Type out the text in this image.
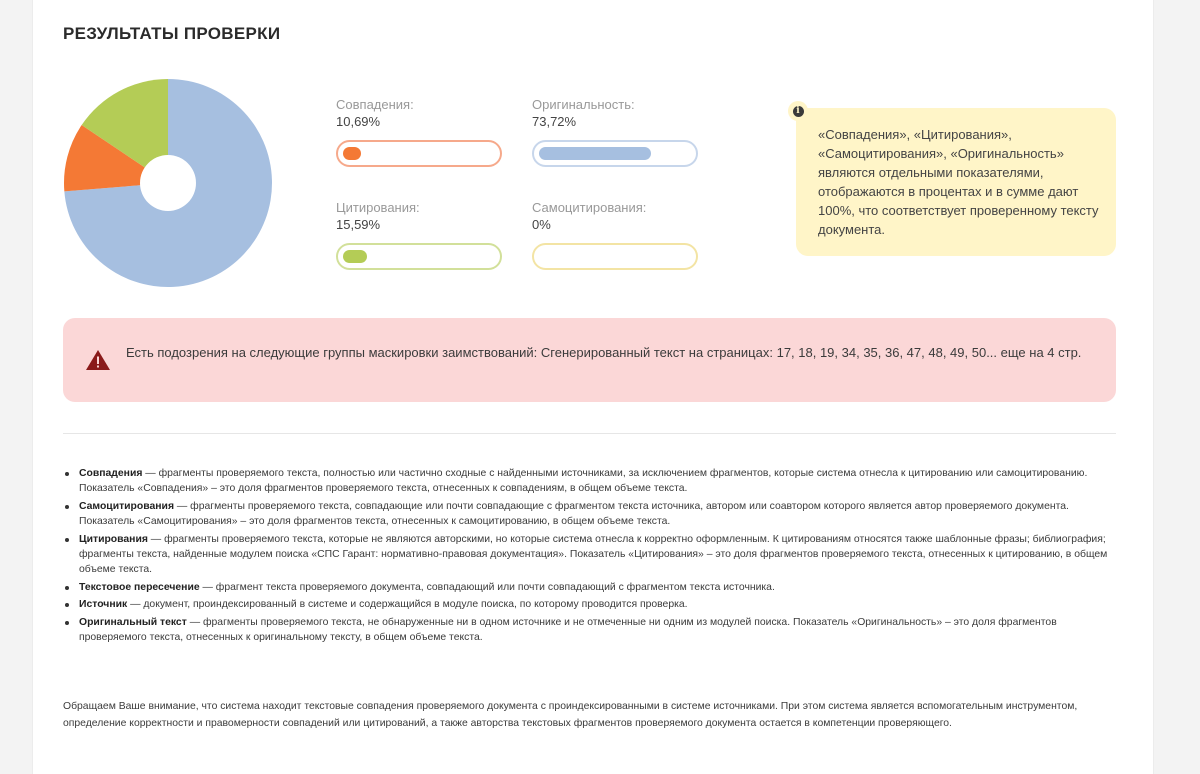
РЕЗУЛЬТАТЫ ПРОВЕРКИ
Совпадения:
10,69%
Оригинальность:
73,72%
Цитирования:
15,59%
Самоцитирования:
0%
i
«Совпадения», «Цитирования», «Самоцитирования», «Оригинальность» являются отдельными показателями, отображаются в процентах и в сумме дают 100%, что соответствует проверенному тексту документа.
Есть подозрения на следующие группы маскировки заимствований: Сгенерированный текст на страницах: 17, 18, 19, 34, 35, 36, 47, 48, 49, 50... еще на 4 стр.
Совпадения — фрагменты проверяемого текста, полностью или частично сходные с найденными источниками, за исключением фрагментов, которые система отнесла к цитированию или самоцитированию. Показатель «Совпадения» – это доля фрагментов проверяемого текста, отнесенных к совпадениям, в общем объеме текста.
Самоцитирования — фрагменты проверяемого текста, совпадающие или почти совпадающие с фрагментом текста источника, автором или соавтором которого является автор проверяемого документа. Показатель «Самоцитирования» – это доля фрагментов текста, отнесенных к самоцитированию, в общем объеме текста.
Цитирования — фрагменты проверяемого текста, которые не являются авторскими, но которые система отнесла к корректно оформленным. К цитированиям относятся также шаблонные фразы; библиография; фрагменты текста, найденные модулем поиска «СПС Гарант: нормативно-правовая документация». Показатель «Цитирования» – это доля фрагментов проверяемого текста, отнесенных к цитированию, в общем объеме текста.
Текстовое пересечение — фрагмент текста проверяемого документа, совпадающий или почти совпадающий с фрагментом текста источника.
Источник — документ, проиндексированный в системе и содержащийся в модуле поиска, по которому проводится проверка.
Оригинальный текст — фрагменты проверяемого текста, не обнаруженные ни в одном источнике и не отмеченные ни одним из модулей поиска. Показатель «Оригинальность» – это доля фрагментов проверяемого текста, отнесенных к оригинальному тексту, в общем объеме текста.
Обращаем Ваше внимание, что система находит текстовые совпадения проверяемого документа с проиндексированными в системе источниками. При этом система является вспомогательным инструментом, определение корректности и правомерности совпадений или цитирований, а также авторства текстовых фрагментов проверяемого документа остается в компетенции проверяющего.
